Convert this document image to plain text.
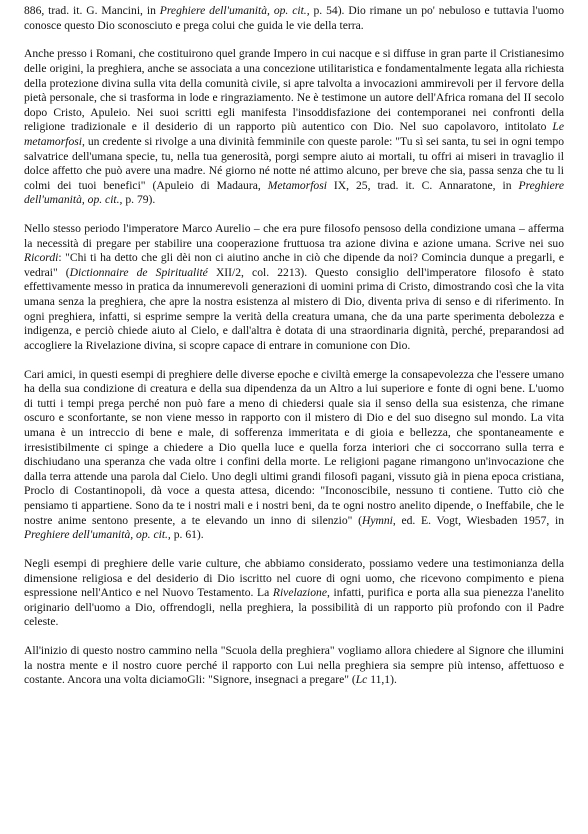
886, trad. it. G. Mancini, in Preghiere dell'umanità, op. cit., p. 54). Dio rimane un po' nebuloso e tuttavia l'uomo conosce questo Dio sconosciuto e prega colui che guida le vie della terra.

Anche presso i Romani, che costituirono quel grande Impero in cui nacque e si diffuse in gran parte il Cristianesimo delle origini, la preghiera, anche se associata a una concezione utilitaristica e fondamentalmente legata alla richiesta della protezione divina sulla vita della comunità civile, si apre talvolta a invocazioni ammirevoli per il fervore della pietà personale, che si trasforma in lode e ringraziamento. Ne è testimone un autore dell'Africa romana del II secolo dopo Cristo, Apuleio. Nei suoi scritti egli manifesta l'insoddisfazione dei contemporanei nei confronti della religione tradizionale e il desiderio di un rapporto più autentico con Dio. Nel suo capolavoro, intitolato Le metamorfosi, un credente si rivolge a una divinità femminile con queste parole: "Tu sì sei santa, tu sei in ogni tempo salvatrice dell'umana specie, tu, nella tua generosità, porgi sempre aiuto ai mortali, tu offri ai miseri in travaglio il dolce affetto che può avere una madre. Né giorno né notte né attimo alcuno, per breve che sia, passa senza che tu li colmi dei tuoi benefici" (Apuleio di Madaura, Metamorfosi IX, 25, trad. it. C. Annaratone, in Preghiere dell'umanità, op. cit., p. 79).

Nello stesso periodo l'imperatore Marco Aurelio – che era pure filosofo pensoso della condizione umana – afferma la necessità di pregare per stabilire una cooperazione fruttuosa tra azione divina e azione umana. Scrive nei suo Ricordi: "Chi ti ha detto che gli dèi non ci aiutino anche in ciò che dipende da noi? Comincia dunque a pregarli, e vedrai" (Dictionnaire de Spiritualité XII/2, col. 2213). Questo consiglio dell'imperatore filosofo è stato effettivamente messo in pratica da innumerevoli generazioni di uomini prima di Cristo, dimostrando così che la vita umana senza la preghiera, che apre la nostra esistenza al mistero di Dio, diventa priva di senso e di riferimento. In ogni preghiera, infatti, si esprime sempre la verità della creatura umana, che da una parte sperimenta debolezza e indigenza, e perciò chiede aiuto al Cielo, e dall'altra è dotata di una straordinaria dignità, perché, preparandosi ad accogliere la Rivelazione divina, si scopre capace di entrare in comunione con Dio.

Cari amici, in questi esempi di preghiere delle diverse epoche e civiltà emerge la consapevolezza che l'essere umano ha della sua condizione di creatura e della sua dipendenza da un Altro a lui superiore e fonte di ogni bene. L'uomo di tutti i tempi prega perché non può fare a meno di chiedersi quale sia il senso della sua esistenza, che rimane oscuro e sconfortante, se non viene messo in rapporto con il mistero di Dio e del suo disegno sul mondo. La vita umana è un intreccio di bene e male, di sofferenza immeritata e di gioia e bellezza, che spontaneamente e irresistibilmente ci spinge a chiedere a Dio quella luce e quella forza interiori che ci soccorrano sulla terra e dischiudano una speranza che vada oltre i confini della morte. Le religioni pagane rimangono un'invocazione che dalla terra attende una parola dal Cielo. Uno degli ultimi grandi filosofi pagani, vissuto già in piena epoca cristiana, Proclo di Costantinopoli, dà voce a questa attesa, dicendo: "Inconoscibile, nessuno ti contiene. Tutto ciò che pensiamo ti appartiene. Sono da te i nostri mali e i nostri beni, da te ogni nostro anelito dipende, o Ineffabile, che le nostre anime sentono presente, a te elevando un inno di silenzio" (Hymni, ed. E. Vogt, Wiesbaden 1957, in Preghiere dell'umanità, op. cit., p. 61).

Negli esempi di preghiere delle varie culture, che abbiamo considerato, possiamo vedere una testimonianza della dimensione religiosa e del desiderio di Dio iscritto nel cuore di ogni uomo, che ricevono compimento e piena espressione nell'Antico e nel Nuovo Testamento. La Rivelazione, infatti, purifica e porta alla sua pienezza l'anelito originario dell'uomo a Dio, offrendogli, nella preghiera, la possibilità di un rapporto più profondo con il Padre celeste.

All'inizio di questo nostro cammino nella "Scuola della preghiera" vogliamo allora chiedere al Signore che illumini la nostra mente e il nostro cuore perché il rapporto con Lui nella preghiera sia sempre più intenso, affettuoso e costante. Ancora una volta diciamoGli: "Signore, insegnaci a pregare" (Lc 11,1).
